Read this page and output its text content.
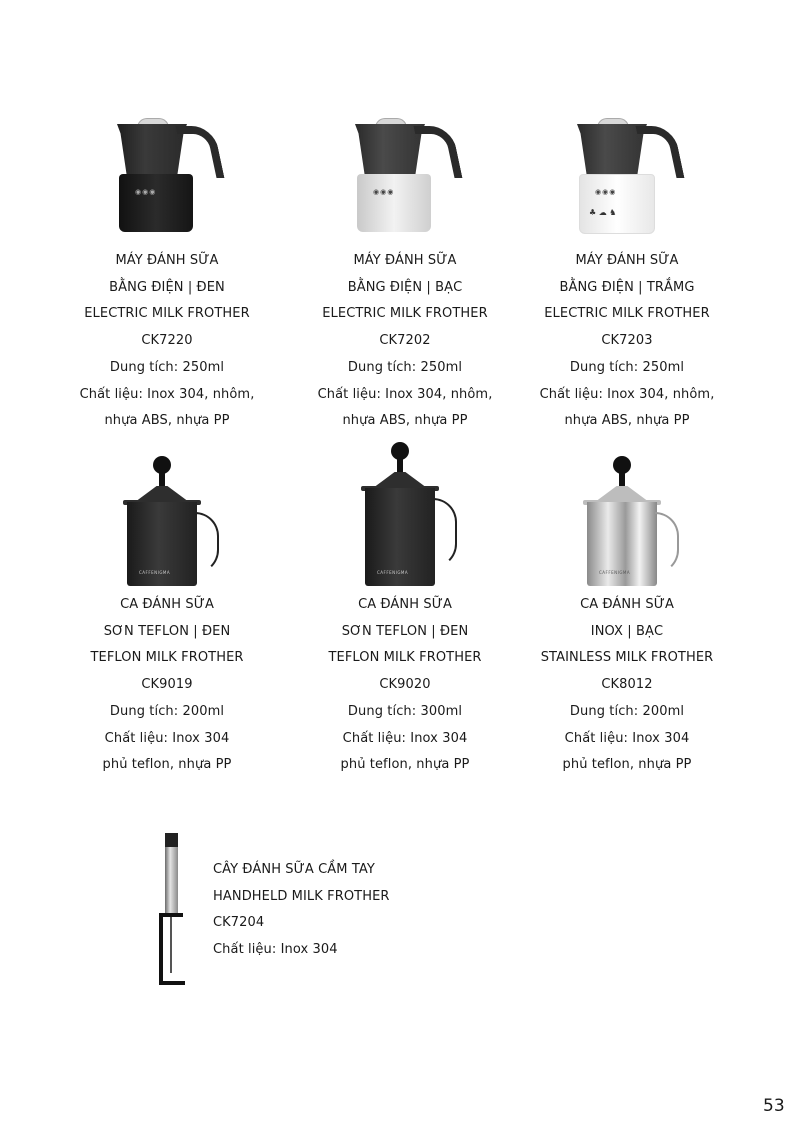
◉◉◉
MÁY ĐÁNH SỮA
BẰNG ĐIỆN | ĐEN
ELECTRIC MILK FROTHER
CK7220
Dung tích: 250ml
Chất liệu: Inox 304, nhôm,
nhựa ABS, nhựa PP
◉◉◉
MÁY ĐÁNH SỮA
BẰNG ĐIỆN | BẠC
ELECTRIC MILK FROTHER
CK7202
Dung tích: 250ml
Chất liệu: Inox 304, nhôm,
nhựa ABS, nhựa PP
◉◉◉
♣ ☁ ♞
MÁY ĐÁNH SỮA
BẰNG ĐIỆN | TRẮMG
ELECTRIC MILK FROTHER
CK7203
Dung tích: 250ml
Chất liệu: Inox 304, nhôm,
nhựa ABS, nhựa PP
CAFFENIGMA
CA ĐÁNH SỮA
SƠN TEFLON | ĐEN
TEFLON MILK FROTHER
CK9019
Dung tích: 200ml
Chất liệu: Inox 304
phủ teflon, nhựa PP
CAFFENIGMA
CA ĐÁNH SỮA
SƠN TEFLON | ĐEN
TEFLON MILK FROTHER
CK9020
Dung tích: 300ml
Chất liệu: Inox 304
phủ teflon, nhựa PP
CAFFENIGMA
CA ĐÁNH SỮA
INOX | BẠC
STAINLESS MILK FROTHER
CK8012
Dung tích: 200ml
Chất liệu: Inox 304
phủ teflon, nhựa PP
CÂY ĐÁNH SỮA CẦM TAY
HANDHELD MILK FROTHER
CK7204
Chất liệu: Inox 304
53
